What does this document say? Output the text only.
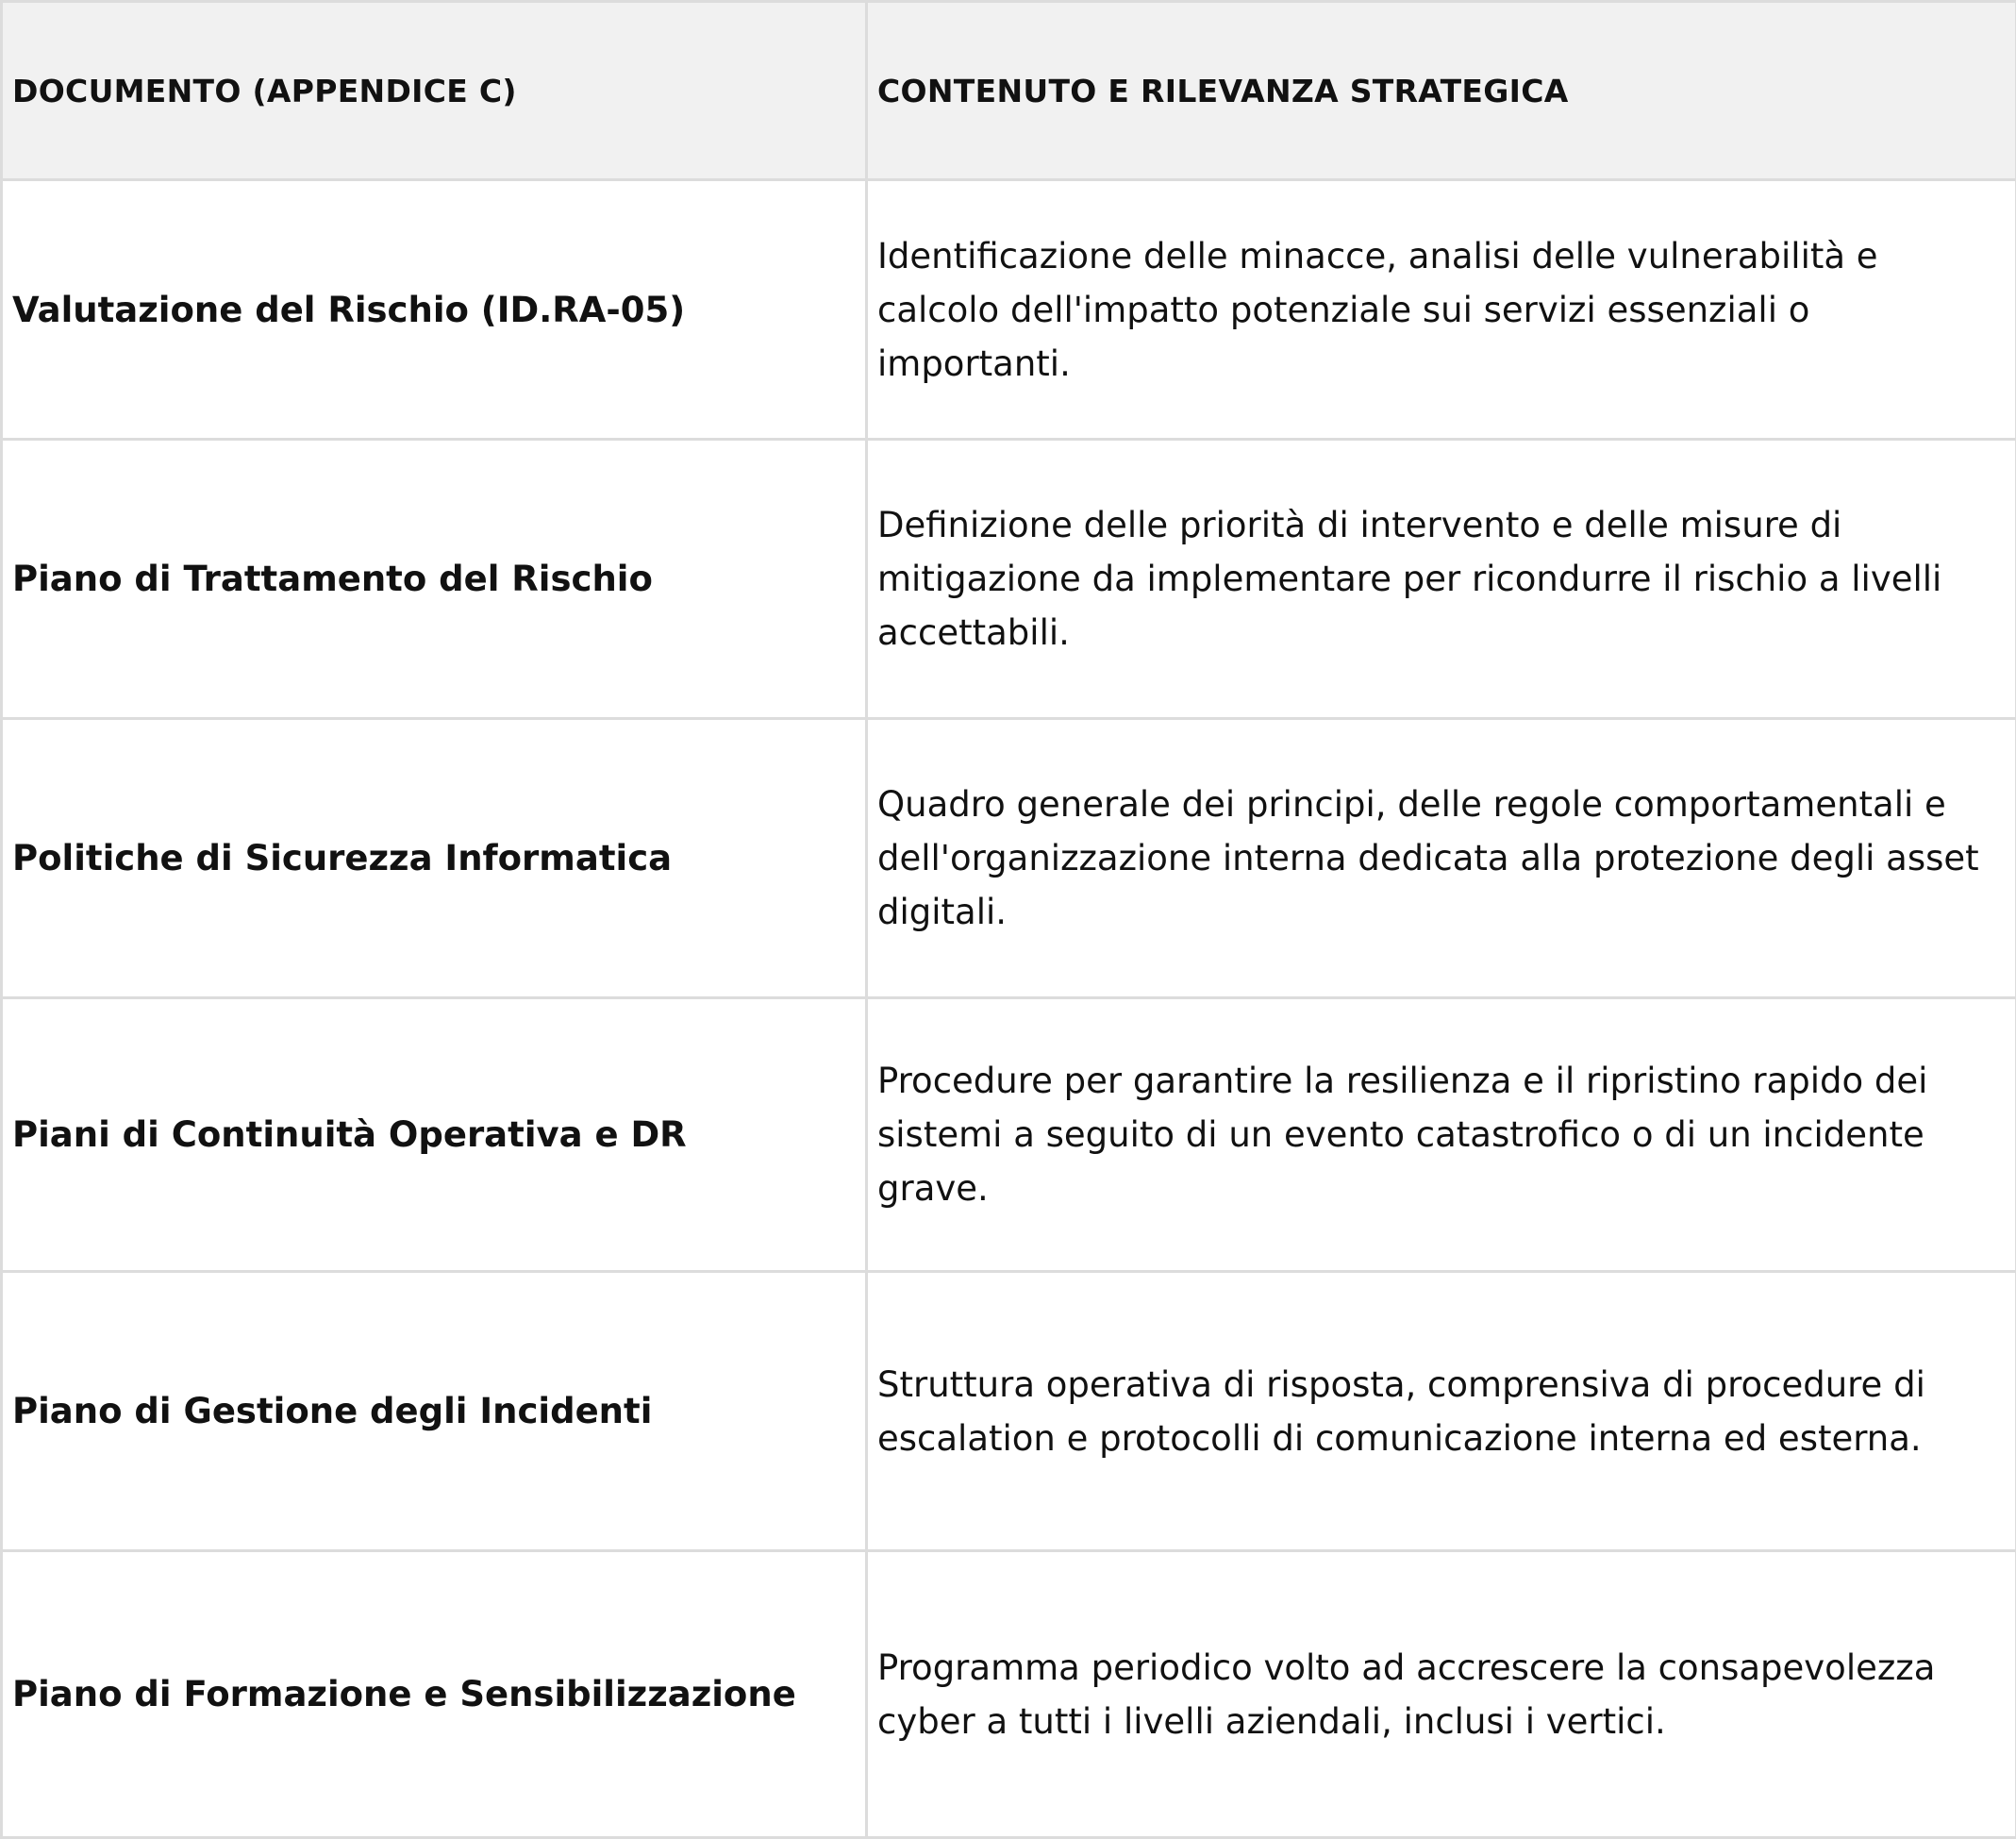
DOCUMENTO (APPENDICE C)	CONTENUTO E RILEVANZA STRATEGICA
Valutazione del Rischio (ID.RA-05)	Identificazione delle minacce, analisi delle vulnerabilità e calcolo dell'impatto potenziale sui servizi essenziali o importanti.
Piano di Trattamento del Rischio	Definizione delle priorità di intervento e delle misure di mitigazione da implementare per ricondurre il rischio a livelli accettabili.
Politiche di Sicurezza Informatica	Quadro generale dei principi, delle regole comportamentali e dell'organizzazione interna dedicata alla protezione degli asset digitali.
Piani di Continuità Operativa e DR	Procedure per garantire la resilienza e il ripristino rapido dei sistemi a seguito di un evento catastrofico o di un incidente grave.
Piano di Gestione degli Incidenti	Struttura operativa di risposta, comprensiva di procedure di escalation e protocolli di comunicazione interna ed esterna.
Piano di Formazione e Sensibilizzazione	Programma periodico volto ad accrescere la consapevolezza cyber a tutti i livelli aziendali, inclusi i vertici.
